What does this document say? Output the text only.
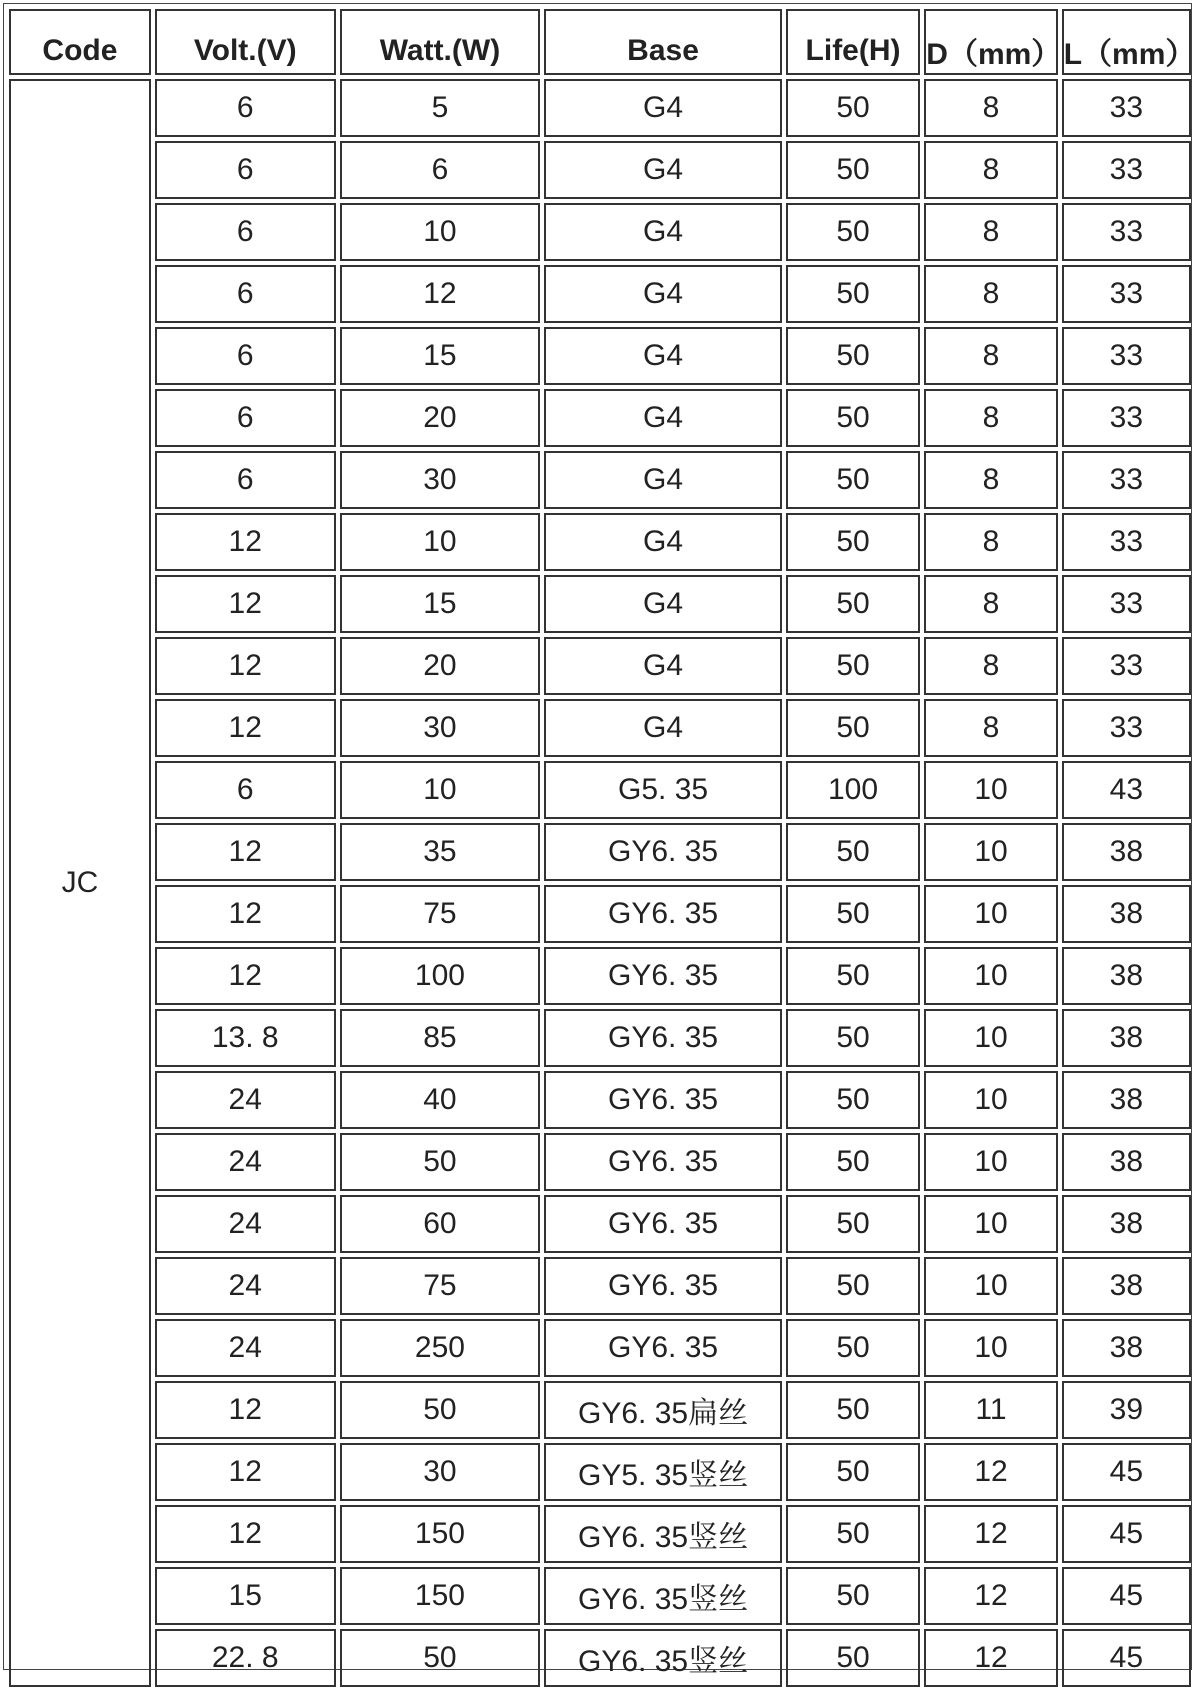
Code	Volt.(V)	Watt.(W)	Base	Life(H)	D（mm）	L（mm）
JC	6	5	G4	50	8	33
	6	6	G4	50	8	33
	6	10	G4	50	8	33
	6	12	G4	50	8	33
	6	15	G4	50	8	33
	6	20	G4	50	8	33
	6	30	G4	50	8	33
	12	10	G4	50	8	33
	12	15	G4	50	8	33
	12	20	G4	50	8	33
	12	30	G4	50	8	33
	6	10	G5. 35	100	10	43
	12	35	GY6. 35	50	10	38
	12	75	GY6. 35	50	10	38
	12	100	GY6. 35	50	10	38
	13. 8	85	GY6. 35	50	10	38
	24	40	GY6. 35	50	10	38
	24	50	GY6. 35	50	10	38
	24	60	GY6. 35	50	10	38
	24	75	GY6. 35	50	10	38
	24	250	GY6. 35	50	10	38
	12	50	GY6. 35扁丝	50	11	39
	12	30	GY5. 35竖丝	50	12	45
	12	150	GY6. 35竖丝	50	12	45
	15	150	GY6. 35竖丝	50	12	45
	22. 8	50	GY6. 35竖丝	50	12	45
